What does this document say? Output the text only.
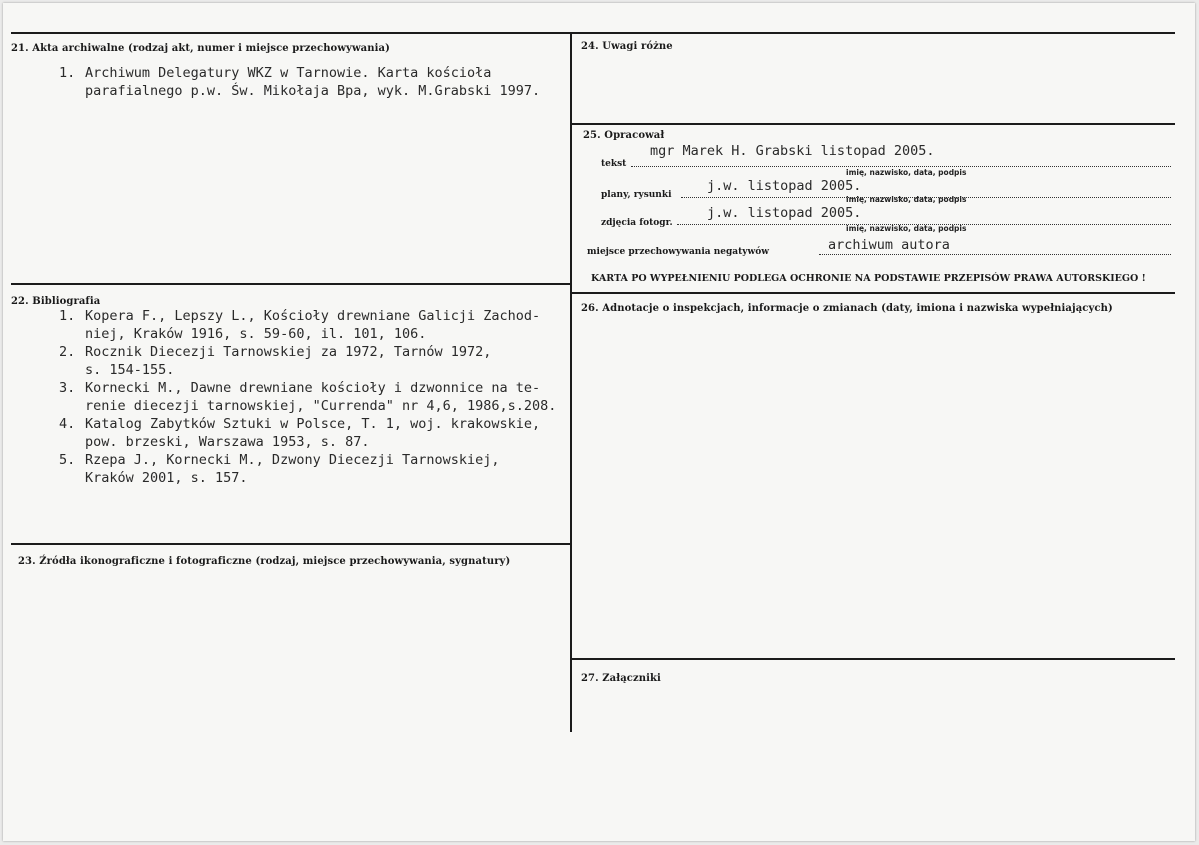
21. Akta archiwalne (rodzaj akt, numer i miejsce przechowywania)
1. Archiwum Delegatury WKZ w Tarnowie. Karta kościoła
parafialnego p.w. Św. Mikołaja Bpa, wyk. M.Grabski 1997.
22. Bibliografia
1. Kopera F., Lepszy L., Kościoły drewniane Galicji Zachod-
niej, Kraków 1916, s. 59-60, il. 101, 106.
2. Rocznik Diecezji Tarnowskiej za 1972, Tarnów 1972,
s. 154-155.
3. Kornecki M., Dawne drewniane kościoły i dzwonnice na te-
renie diecezji tarnowskiej, "Currenda" nr 4,6, 1986,s.208.
4. Katalog Zabytków Sztuki w Polsce, T. 1, woj. krakowskie,
pow. brzeski, Warszawa 1953, s. 87.
5. Rzepa J., Kornecki M., Dzwony Diecezji Tarnowskiej,
Kraków 2001, s. 157.
23. Źródła ikonograficzne i fotograficzne (rodzaj, miejsce przechowywania, sygnatury)
24. Uwagi różne
25. Opracował
tekst
mgr Marek H. Grabski listopad 2005.
imię, nazwisko, data, podpis
plany, rysunki
j.w. listopad 2005.
imię, nazwisko, data, podpis
zdjęcia fotogr.
j.w. listopad 2005.
imię, nazwisko, data, podpis
miejsce przechowywania negatywów	archiwum autora
KARTA PO WYPEŁNIENIU PODLEGA OCHRONIE NA PODSTAWIE PRZEPISÓW PRAWA AUTORSKIEGO !
26. Adnotacje o inspekcjach, informacje o zmianach (daty, imiona i nazwiska wypełniających)
27. Załączniki
